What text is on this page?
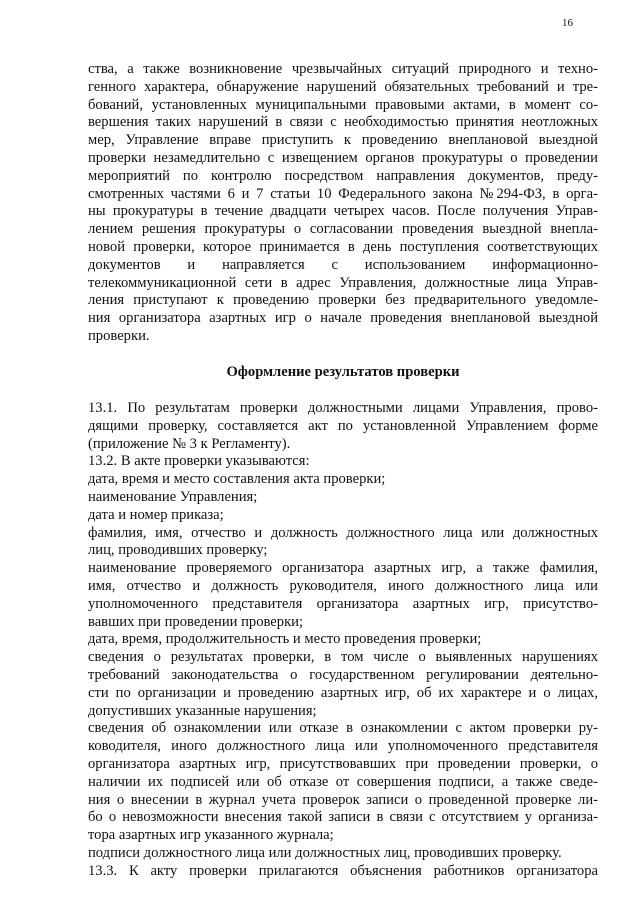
16
ства, а также возникновение чрезвычайных ситуаций природного и техно-
генного характера, обнаружение нарушений обязательных требований и тре-
бований, установленных муниципальными правовыми актами, в момент со-
вершения таких нарушений в связи с необходимостью принятия неотложных
мер, Управление вправе приступить к проведению внеплановой выездной
проверки незамедлительно с извещением органов прокуратуры о проведении
мероприятий по контролю посредством направления документов, преду-
смотренных частями 6 и 7 статьи 10 Федерального закона №294-ФЗ, в орга-
ны прокуратуры в течение двадцати четырех часов. После получения Управ-
лением решения прокуратуры о согласовании проведения выездной внепла-
новой проверки, которое принимается в день поступления соответствующих
документов и направляется с использованием информационно-
телекоммуникационной сети в адрес Управления, должностные лица Управ-
ления приступают к проведению проверки без предварительного уведомле-
ния организатора азартных игр о начале проведения внеплановой выездной
проверки.
Оформление результатов проверки
13.1. По результатам проверки должностными лицами Управления, прово-
дящими проверку, составляется акт по установленной Управлением форме
(приложение № 3 к Регламенту).
13.2. В акте проверки указываются:
дата, время и место составления акта проверки;
наименование Управления;
дата и номер приказа;
фамилия, имя, отчество и должность должностного лица или должностных
лиц, проводивших проверку;
наименование проверяемого организатора азартных игр, а также фамилия,
имя, отчество и должность руководителя, иного должностного лица или
уполномоченного представителя организатора азартных игр, присутство-
вавших при проведении проверки;
дата, время, продолжительность и место проведения проверки;
сведения о результатах проверки, в том числе о выявленных нарушениях
требований законодательства о государственном регулировании деятельно-
сти по организации и проведению азартных игр, об их характере и о лицах,
допустивших указанные нарушения;
сведения об ознакомлении или отказе в ознакомлении с актом проверки ру-
ководителя, иного должностного лица или уполномоченного представителя
организатора азартных игр, присутствовавших при проведении проверки, о
наличии их подписей или об отказе от совершения подписи, а также сведе-
ния о внесении в журнал учета проверок записи о проведенной проверке ли-
бо о невозможности внесения такой записи в связи с отсутствием у организа-
тора азартных игр указанного журнала;
подписи должностного лица или должностных лиц, проводивших проверку.
13.3. К акту проверки прилагаются объяснения работников организатора
